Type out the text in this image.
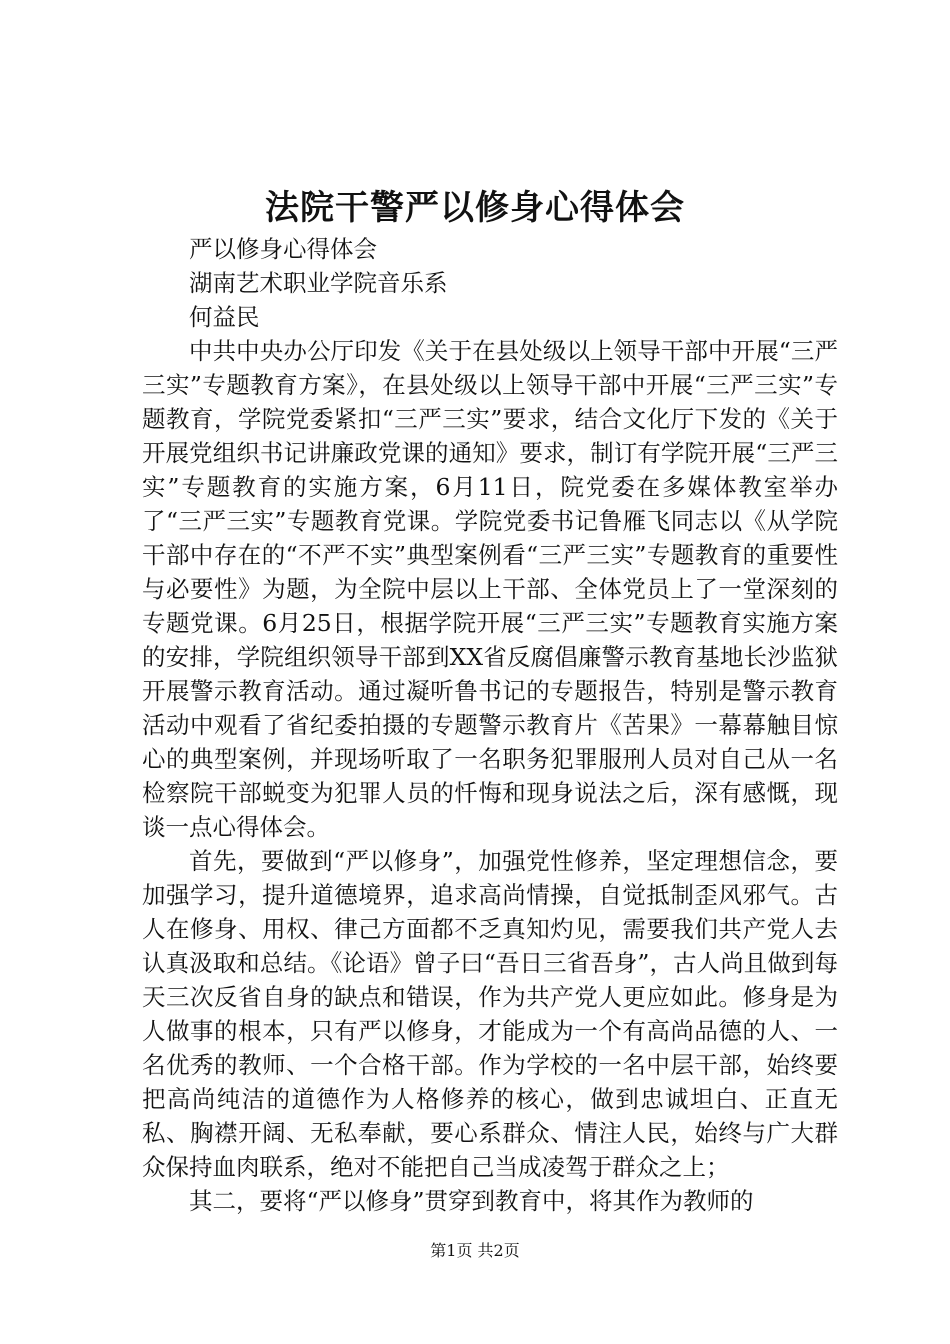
法院干警严以修身心得体会

严以修身心得体会

湖南艺术职业学院音乐系

何益民

中共中央办公厅印发《关于在县处级以上领导干部中开展“三严三实”专题教育方案》，在县处级以上领导干部中开展“三严三实”专题教育，学院党委紧扣“三严三实”要求，结合文化厅下发的《关于开展党组织书记讲廉政党课的通知》要求，制订有学院开展“三严三实”专题教育的实施方案，6月11日，院党委在多媒体教室举办了“三严三实”专题教育党课。学院党委书记鲁雁飞同志以《从学院干部中存在的“不严不实”典型案例看“三严三实”专题教育的重要性与必要性》为题，为全院中层以上干部、全体党员上了一堂深刻的专题党课。6月25日，根据学院开展“三严三实”专题教育实施方案的安排，学院组织领导干部到XX省反腐倡廉警示教育基地长沙监狱开展警示教育活动。通过凝听鲁书记的专题报告，特别是警示教育活动中观看了省纪委拍摄的专题警示教育片《苦果》一幕幕触目惊心的典型案例，并现场听取了一名职务犯罪服刑人员对自己从一名检察院干部蜕变为犯罪人员的忏悔和现身说法之后，深有感慨，现谈一点心得体会。

首先，要做到“严以修身”，加强党性修养，坚定理想信念，要加强学习，提升道德境界，追求高尚情操，自觉抵制歪风邪气。古人在修身、用权、律己方面都不乏真知灼见，需要我们共产党人去认真汲取和总结。《论语》曾子曰“吾日三省吾身”，古人尚且做到每天三次反省自身的缺点和错误，作为共产党人更应如此。修身是为人做事的根本，只有严以修身，才能成为一个有高尚品德的人、一名优秀的教师、一个合格干部。作为学校的一名中层干部，始终要把高尚纯洁的道德作为人格修养的核心，做到忠诚坦白、正直无私、胸襟开阔、无私奉献，要心系群众、情注人民，始终与广大群众保持血肉联系，绝对不能把自己当成凌驾于群众之上；

其二，要将“严以修身”贯穿到教育中，将其作为教师的

第1页 共2页
